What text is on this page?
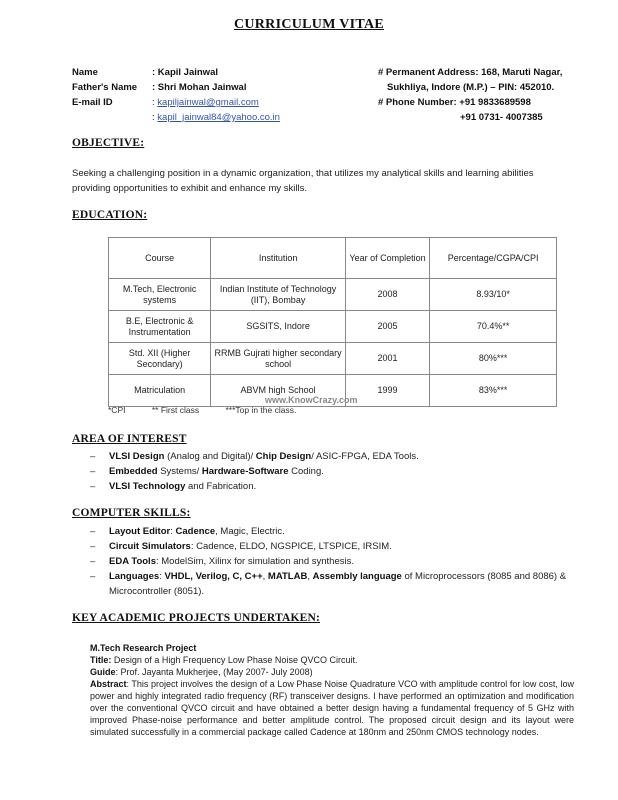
CURRICULUM VITAE
Name	: Kapil Jainwal
Father's Name : Shri Mohan Jainwal
E-mail ID	: kapiljainwal@gmail.com
: kapil_jainwal84@yahoo.co.in
# Permanent Address: 168, Maruti Nagar,
Sukhliya, Indore (M.P.) – PIN: 452010.
# Phone Number: +91 9833689598
+91 0731- 4007385
OBJECTIVE:
Seeking a challenging position in a dynamic organization, that utilizes my analytical skills and learning abilities providing opportunities to exhibit and enhance my skills.
EDUCATION:
Course	Institution	Year of Completion	Percentage/CGPA/CPI
M.Tech, Electronic systems	Indian Institute of Technology (IIT), Bombay	2008	8.93/10*
B.E, Electronic & Instrumentation	SGSITS, Indore	2005	70.4%**
Std. XII (Higher Secondary)	RRMB Gujrati higher secondary school	2001	80%***
Matriculation	ABVM high School	1999	83%***
www.KnowCrazy.com
*CPI	** First class	***Top in the class.
AREA OF INTEREST
– VLSI Design (Analog and Digital)/ Chip Design/ ASIC-FPGA, EDA Tools.
– Embedded Systems/ Hardware-Software Coding.
– VLSI Technology and Fabrication.
COMPUTER SKILLS:
– Layout Editor: Cadence, Magic, Electric.
– Circuit Simulators: Cadence, ELDO, NGSPICE, LTSPICE, IRSIM.
– EDA Tools: ModelSim, Xilinx for simulation and synthesis.
– Languages: VHDL, Verilog, C, C++, MATLAB, Assembly language of Microprocessors (8085 and 8086) & Microcontroller (8051).
KEY ACADEMIC PROJECTS UNDERTAKEN:
M.Tech Research Project
Title: Design of a High Frequency Low Phase Noise QVCO Circuit.
Guide: Prof. Jayanta Mukherjee, (May 2007- July 2008)
Abstract: This project involves the design of a Low Phase Noise Quadrature VCO with amplitude control for low cost, low power and highly integrated radio frequency (RF) transceiver designs. I have performed an optimization and modification over the conventional QVCO circuit and have obtained a better design having a fundamental frequency of 5 GHz with improved Phase-noise performance and better amplitude control. The proposed circuit design and its layout were simulated successfully in a commercial package called Cadence at 180nm and 250nm CMOS technology nodes.
